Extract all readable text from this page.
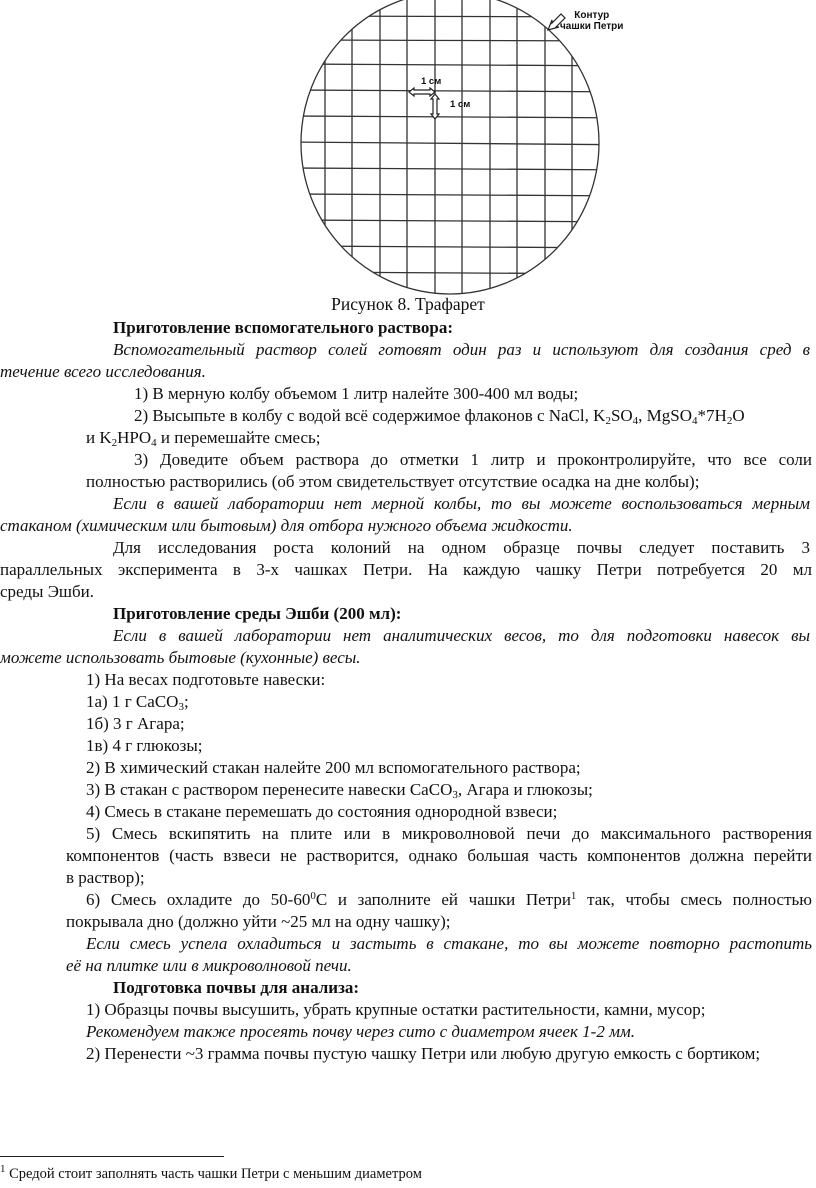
1 см
1 см
Контур
чашки Петри
Рисунок 8. Трафарет
Приготовление вспомогательного раствора:
Вспомогательный раствор солей готовят один раз и используют для создания сред в
течение всего исследования.
1) В мерную колбу объемом 1 литр налейте 300-400 мл воды;
2) Высыпьте в колбу с водой всё содержимое флаконов с NaCl, $K_2SO_4$, $MgSO_4*7H_2O$
и $K_2HPO_4$ и перемешайте смесь;
3) Доведите объем раствора до отметки 1 литр и проконтролируйте, что все соли
полностью растворились (об этом свидетельствует отсутствие осадка на дне колбы);
Если в вашей лаборатории нет мерной колбы, то вы можете воспользоваться мерным
стаканом (химическим или бытовым) для отбора нужного объема жидкости.
Для исследования роста колоний на одном образце почвы следует поставить 3
параллельных эксперимента в 3-х чашках Петри. На каждую чашку Петри потребуется 20 мл
среды Эшби.
Приготовление среды Эшби (200 мл):
Если в вашей лаборатории нет аналитических весов, то для подготовки навесок вы
можете использовать бытовые (кухонные) весы.
1) На весах подготовьте навески:
1а) 1 г CaCO$_3$;
1б) 3 г Агара;
1в) 4 г глюкозы;
2) В химический стакан налейте 200 мл вспомогательного раствора;
3) В стакан с раствором перенесите навески CaCO$_3$, Агара и глюкозы;
4) Смесь в стакане перемешать до состояния однородной взвеси;
5) Смесь вскипятить на плите или в микроволновой печи до максимального растворения
компонентов (часть взвеси не растворится, однако большая часть компонентов должна перейти
в раствор);
6) Смесь охладите до $50-60^0С$ и заполните ей чашки Петри$^1$ так, чтобы смесь полностью
покрывала дно (должно уйти ~25 мл на одну чашку);
Если смесь успела охладиться и застыть в стакане, то вы можете повторно растопить
её на плитке или в микроволновой печи.
Подготовка почвы для анализа:
1) Образцы почвы высушить, убрать крупные остатки растительности, камни, мусор;
Рекомендуем также просеять почву через сито с диаметром ячеек 1-2 мм.
2) Перенести ~3 грамма почвы пустую чашку Петри или любую другую емкость с бортиком;
$^1$ Средой стоит заполнять часть чашки Петри с меньшим диаметром
